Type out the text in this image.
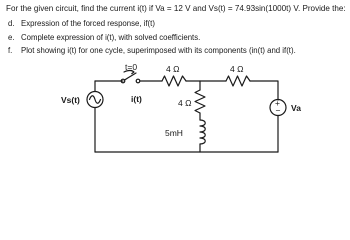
For the given circuit, find the current i(t) if Va = 12 V and Vs(t) = 74.93sin(1000t) V. Provide the:
d. Expression of the forced response, if(t)
e. Complete expression of i(t), with solved coefficients.
f. Plot showing i(t) for one cycle, superimposed with its components (in(t) and if(t).
t=0	4 Ω	4 Ω
4 Ω
5mH
i(t)
Vs(t)
Va
+
−
